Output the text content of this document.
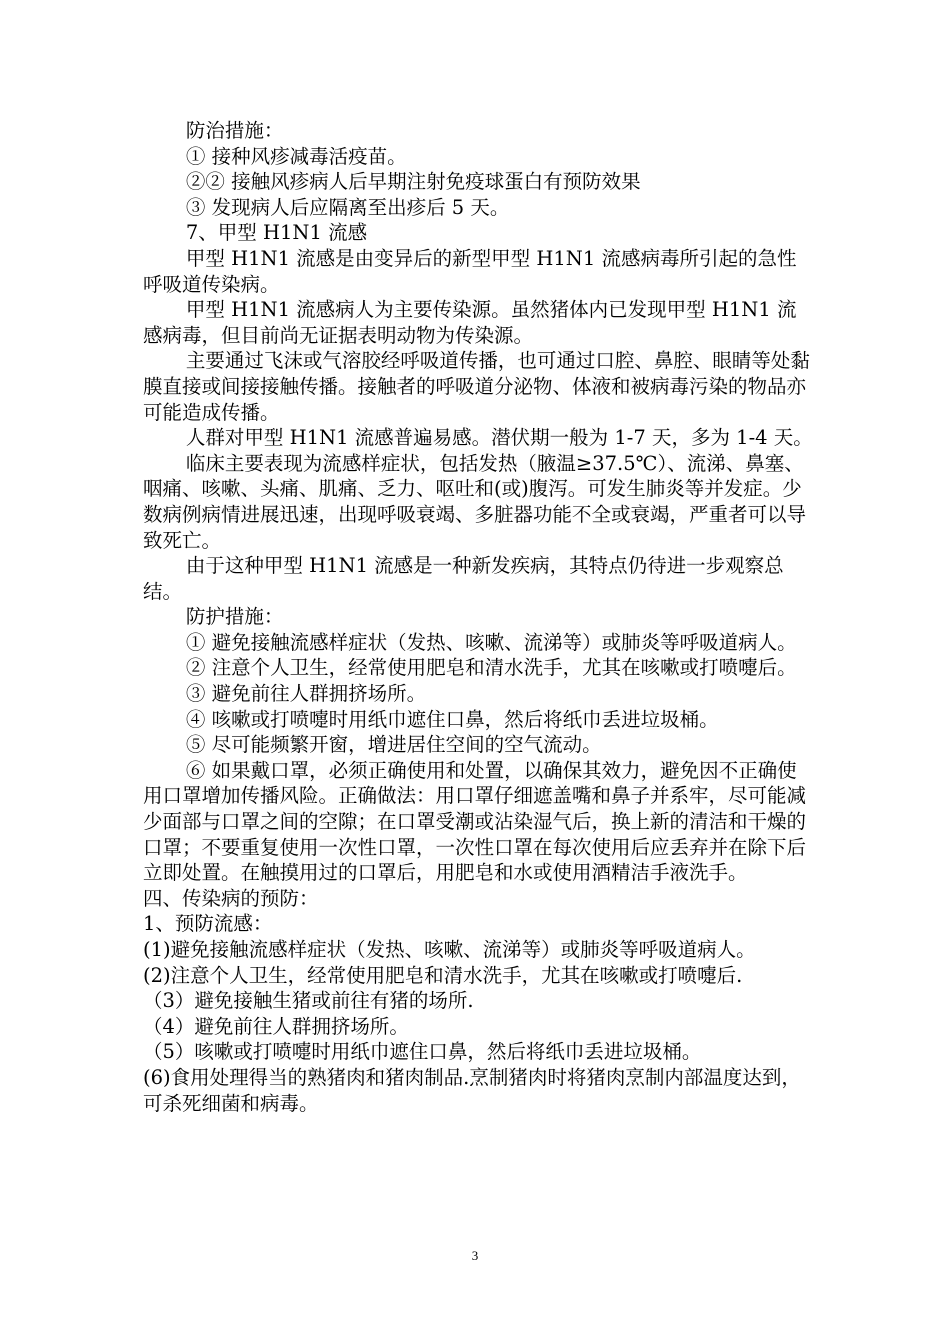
防治措施：

① 接种风疹减毒活疫苗。

②② 接触风疹病人后早期注射免疫球蛋白有预防效果

③ 发现病人后应隔离至出疹后 5 天。

7、甲型 H1N1 流感

甲型 H1N1 流感是由变异后的新型甲型 H1N1 流感病毒所引起的急性呼吸道传染病。

甲型 H1N1 流感病人为主要传染源。虽然猪体内已发现甲型 H1N1 流感病毒，但目前尚无证据表明动物为传染源。

主要通过飞沫或气溶胶经呼吸道传播，也可通过口腔、鼻腔、眼睛等处黏膜直接或间接接触传播。接触者的呼吸道分泌物、体液和被病毒污染的物品亦可能造成传播。

人群对甲型 H1N1 流感普遍易感。潜伏期一般为 1-7 天，多为 1-4 天。

临床主要表现为流感样症状，包括发热（腋温≥37.5℃）、流涕、鼻塞、咽痛、咳嗽、头痛、肌痛、乏力、呕吐和(或)腹泻。可发生肺炎等并发症。少数病例病情进展迅速，出现呼吸衰竭、多脏器功能不全或衰竭，严重者可以导致死亡。

由于这种甲型 H1N1 流感是一种新发疾病，其特点仍待进一步观察总结。

防护措施：

① 避免接触流感样症状（发热、咳嗽、流涕等）或肺炎等呼吸道病人。

② 注意个人卫生，经常使用肥皂和清水洗手，尤其在咳嗽或打喷嚏后。

③ 避免前往人群拥挤场所。

④ 咳嗽或打喷嚏时用纸巾遮住口鼻，然后将纸巾丢进垃圾桶。

⑤ 尽可能频繁开窗，增进居住空间的空气流动。

⑥ 如果戴口罩，必须正确使用和处置，以确保其效力，避免因不正确使用口罩增加传播风险。正确做法：用口罩仔细遮盖嘴和鼻子并系牢，尽可能减少面部与口罩之间的空隙；在口罩受潮或沾染湿气后，换上新的清洁和干燥的口罩；不要重复使用一次性口罩，一次性口罩在每次使用后应丢弃并在除下后立即处置。在触摸用过的口罩后，用肥皂和水或使用酒精洁手液洗手。

四、传染病的预防：

1、预防流感：

(1)避免接触流感样症状（发热、咳嗽、流涕等）或肺炎等呼吸道病人。

(2)注意个人卫生，经常使用肥皂和清水洗手，尤其在咳嗽或打喷嚏后.

（3）避免接触生猪或前往有猪的场所.

（4）避免前往人群拥挤场所。

（5）咳嗽或打喷嚏时用纸巾遮住口鼻，然后将纸巾丢进垃圾桶。

(6)食用处理得当的熟猪肉和猪肉制品.烹制猪肉时将猪肉烹制内部温度达到，可杀死细菌和病毒。

3
